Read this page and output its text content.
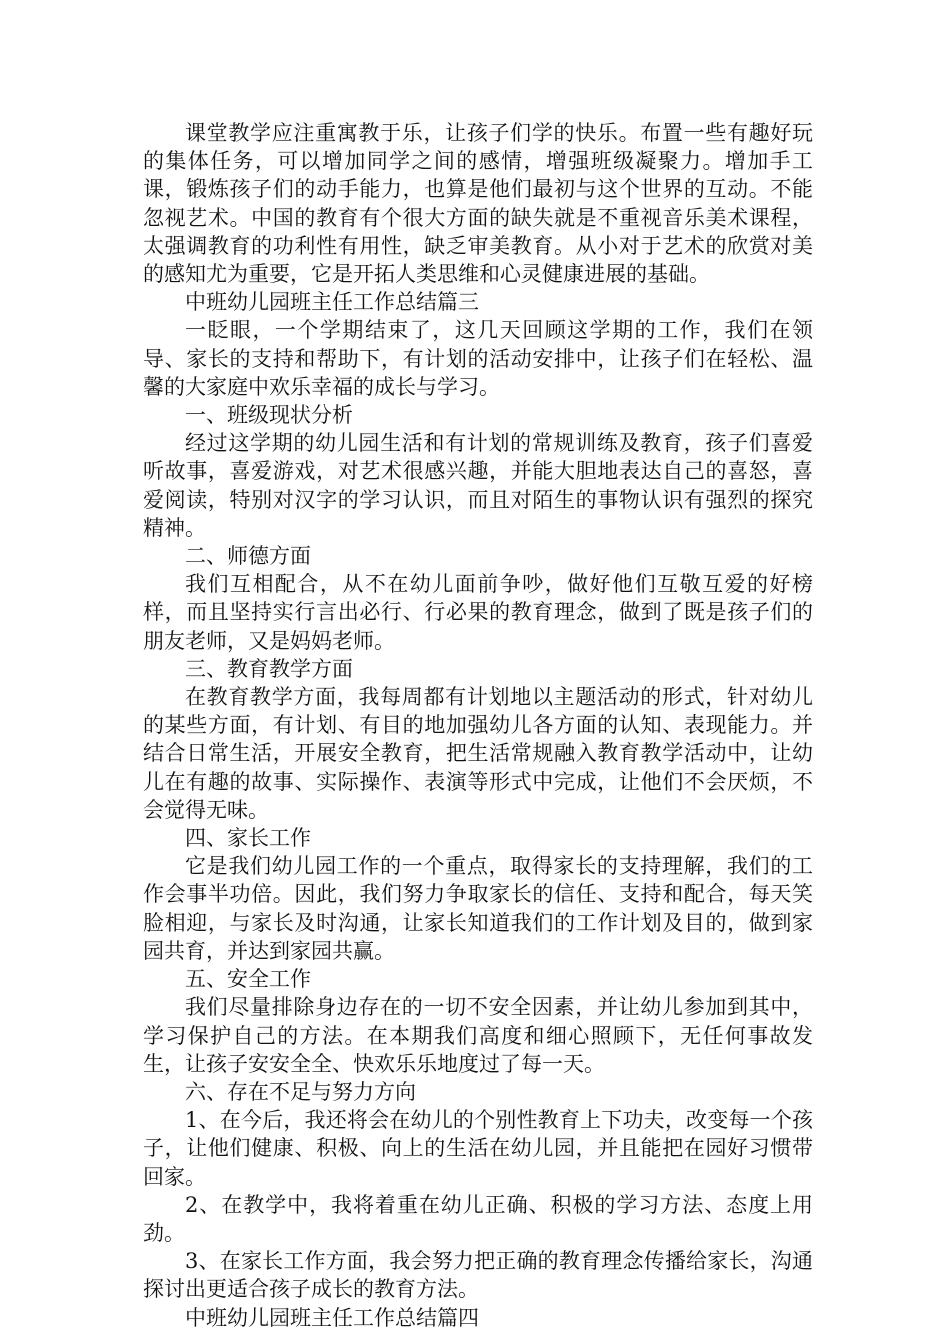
课堂教学应注重寓教于乐，让孩子们学的快乐。布置一些有趣好玩的集体任务，可以增加同学之间的感情，增强班级凝聚力。增加手工课，锻炼孩子们的动手能力，也算是他们最初与这个世界的互动。不能忽视艺术。中国的教育有个很大方面的缺失就是不重视音乐美术课程，太强调教育的功利性有用性，缺乏审美教育。从小对于艺术的欣赏对美的感知尤为重要，它是开拓人类思维和心灵健康进展的基础。

中班幼儿园班主任工作总结篇三

一眨眼，一个学期结束了，这几天回顾这学期的工作，我们在领导、家长的支持和帮助下，有计划的活动安排中，让孩子们在轻松、温馨的大家庭中欢乐幸福的成长与学习。

一、班级现状分析

经过这学期的幼儿园生活和有计划的常规训练及教育，孩子们喜爱听故事，喜爱游戏，对艺术很感兴趣，并能大胆地表达自己的喜怒，喜爱阅读，特别对汉字的学习认识，而且对陌生的事物认识有强烈的探究精神。

二、师德方面

我们互相配合，从不在幼儿面前争吵，做好他们互敬互爱的好榜样，而且坚持实行言出必行、行必果的教育理念，做到了既是孩子们的朋友老师，又是妈妈老师。

三、教育教学方面

在教育教学方面，我每周都有计划地以主题活动的形式，针对幼儿的某些方面，有计划、有目的地加强幼儿各方面的认知、表现能力。并结合日常生活，开展安全教育，把生活常规融入教育教学活动中，让幼儿在有趣的故事、实际操作、表演等形式中完成，让他们不会厌烦，不会觉得无味。

四、家长工作

它是我们幼儿园工作的一个重点，取得家长的支持理解，我们的工作会事半功倍。因此，我们努力争取家长的信任、支持和配合，每天笑脸相迎，与家长及时沟通，让家长知道我们的工作计划及目的，做到家园共育，并达到家园共赢。

五、安全工作

我们尽量排除身边存在的一切不安全因素，并让幼儿参加到其中，学习保护自己的方法。在本期我们高度和细心照顾下，无任何事故发生，让孩子安安全全、快欢乐乐地度过了每一天。

六、存在不足与努力方向

1、在今后，我还将会在幼儿的个别性教育上下功夫，改变每一个孩子，让他们健康、积极、向上的生活在幼儿园，并且能把在园好习惯带回家。

2、在教学中，我将着重在幼儿正确、积极的学习方法、态度上用劲。

3、在家长工作方面，我会努力把正确的教育理念传播给家长，沟通探讨出更适合孩子成长的教育方法。

中班幼儿园班主任工作总结篇四
